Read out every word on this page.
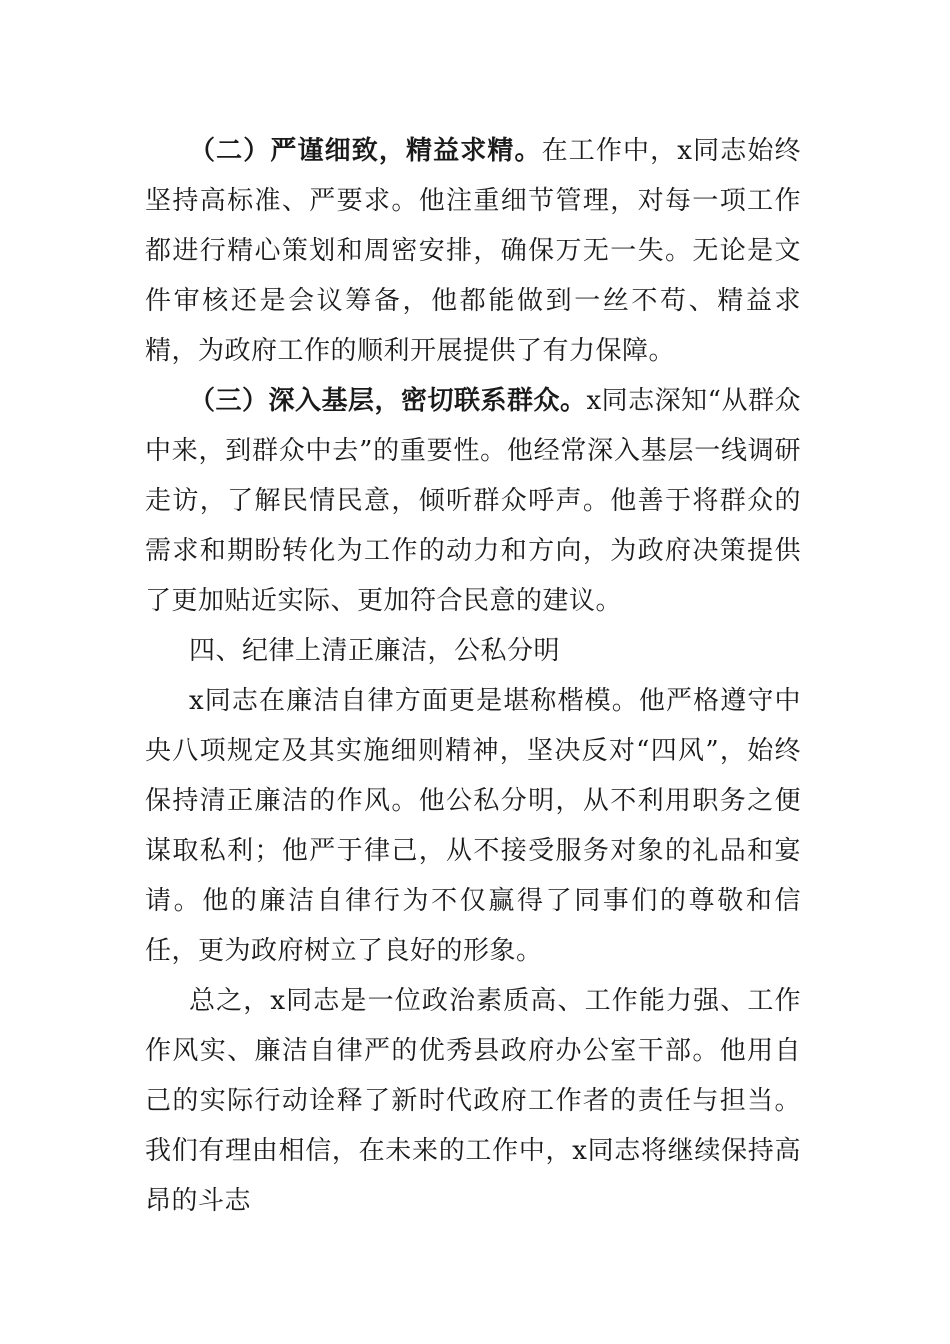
（二）严谨细致，精益求精。在工作中，x同志始终坚持高标准、严要求。他注重细节管理，对每一项工作都进行精心策划和周密安排，确保万无一失。无论是文件审核还是会议筹备，他都能做到一丝不苟、精益求精，为政府工作的顺利开展提供了有力保障。

（三）深入基层，密切联系群众。x同志深知“从群众中来，到群众中去”的重要性。他经常深入基层一线调研走访，了解民情民意，倾听群众呼声。他善于将群众的需求和期盼转化为工作的动力和方向，为政府决策提供了更加贴近实际、更加符合民意的建议。

四、纪律上清正廉洁，公私分明

x同志在廉洁自律方面更是堪称楷模。他严格遵守中央八项规定及其实施细则精神，坚决反对“四风”，始终保持清正廉洁的作风。他公私分明，从不利用职务之便谋取私利；他严于律己，从不接受服务对象的礼品和宴请。他的廉洁自律行为不仅赢得了同事们的尊敬和信任，更为政府树立了良好的形象。

总之，x同志是一位政治素质高、工作能力强、工作作风实、廉洁自律严的优秀县政府办公室干部。他用自己的实际行动诠释了新时代政府工作者的责任与担当。我们有理由相信，在未来的工作中，x同志将继续保持高昂的斗志
